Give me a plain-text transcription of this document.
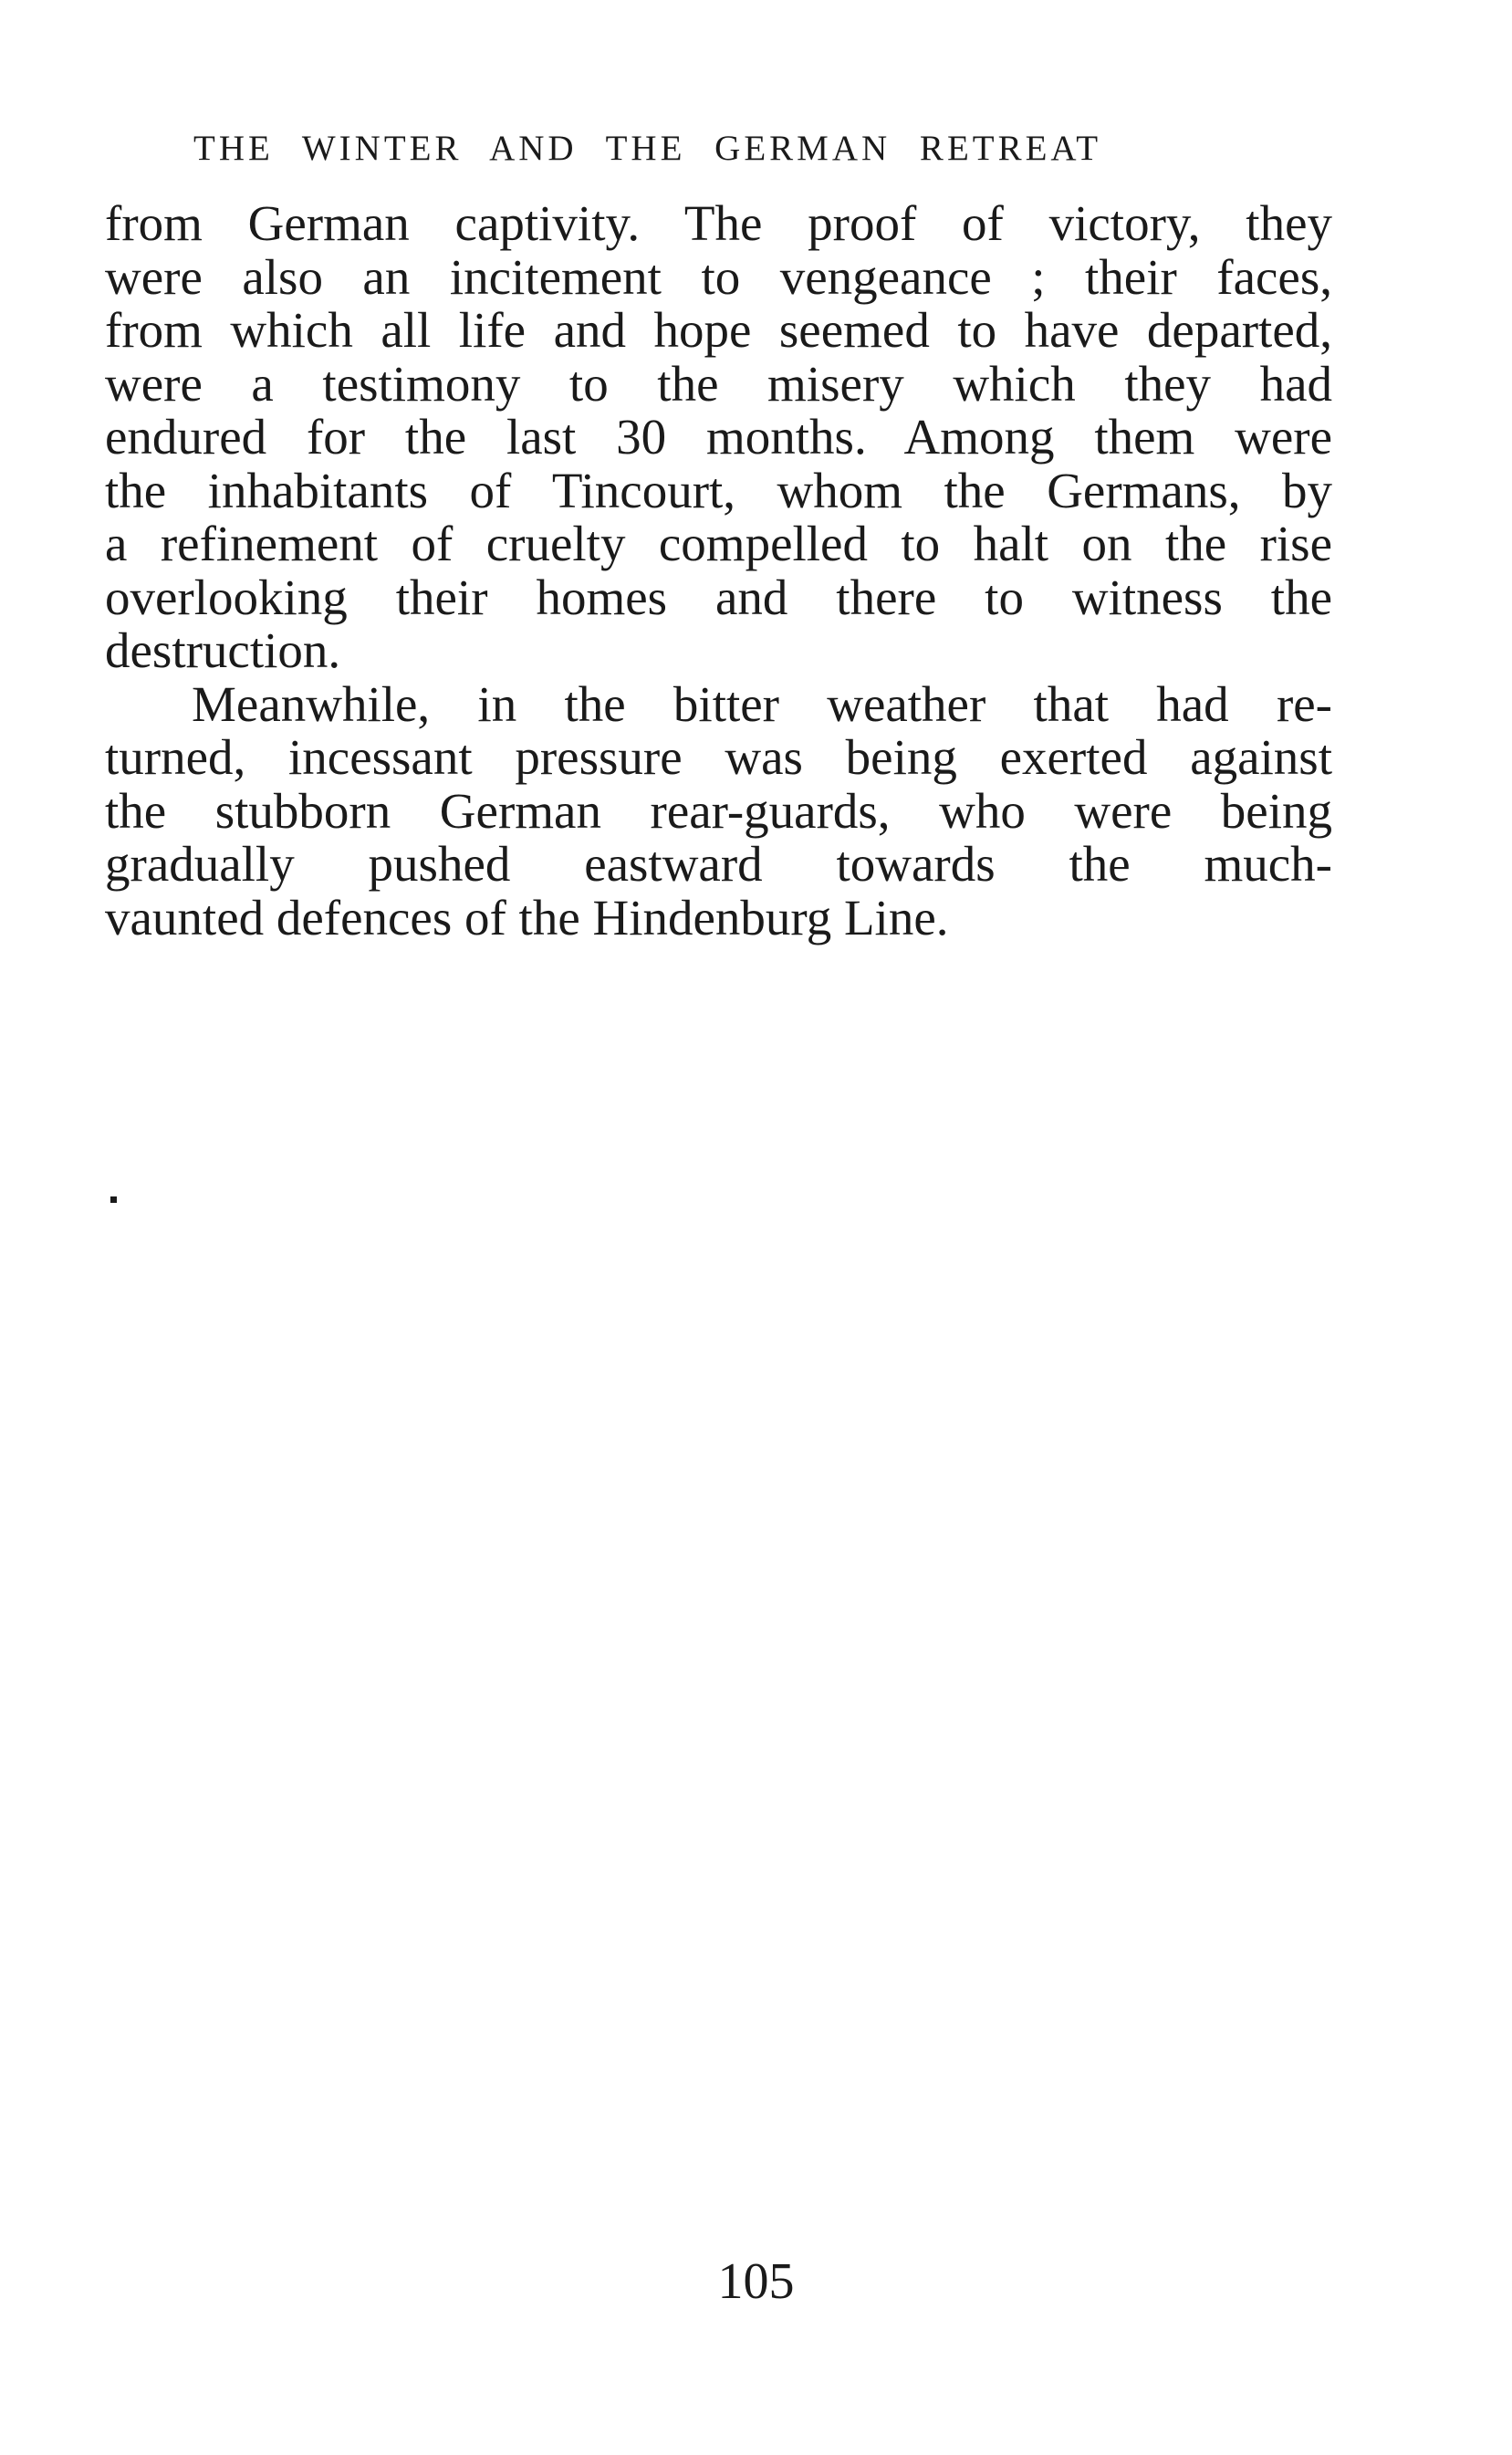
THE WINTER AND THE GERMAN RETREAT
from German captivity. The proof of victory, they
were also an incitement to vengeance ; their faces,
from which all life and hope seemed to have departed,
were a testimony to the misery which they had
endured for the last 30 months. Among them were
the inhabitants of Tincourt, whom the Germans, by
a refinement of cruelty compelled to halt on the rise
overlooking their homes and there to witness the
destruction.
Meanwhile, in the bitter weather that had re-
turned, incessant pressure was being exerted against
the stubborn German rear-guards, who were being
gradually pushed eastward towards the much-
vaunted defences of the Hindenburg Line.
105
